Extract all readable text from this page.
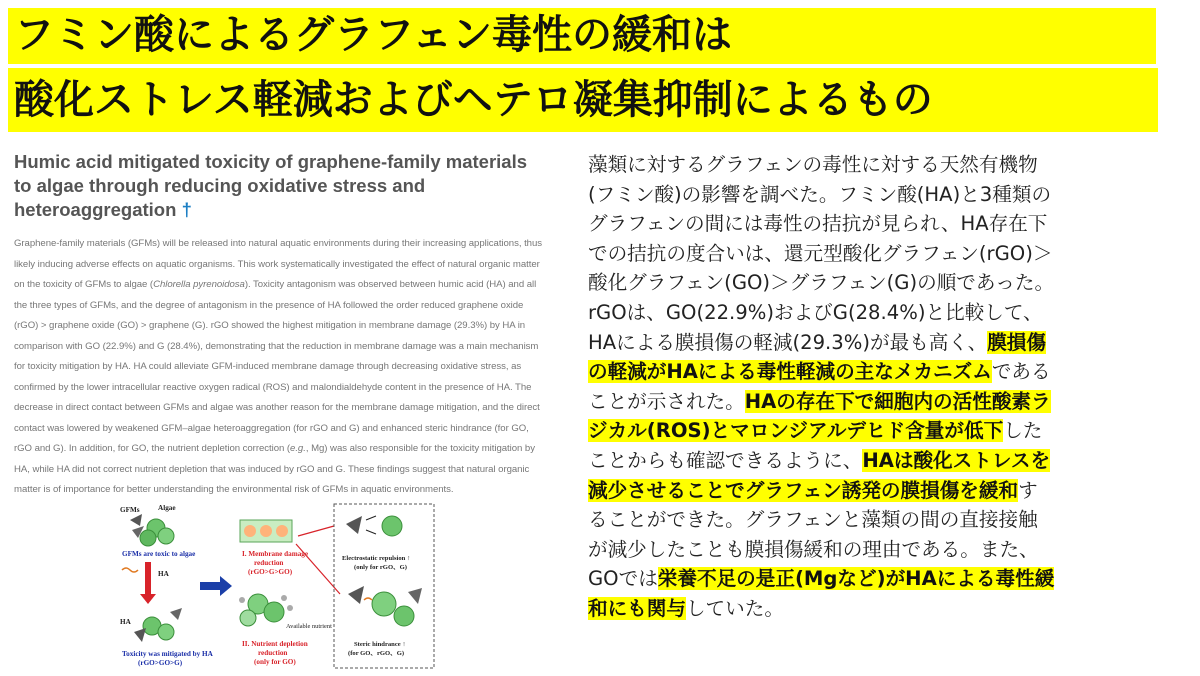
フミン酸によるグラフェン毒性の緩和は
酸化ストレス軽減およびヘテロ凝集抑制によるもの
Humic acid mitigated toxicity of graphene-family materials to algae through reducing oxidative stress and heteroaggregation †
Graphene-family materials (GFMs) will be released into natural aquatic environments during their increasing applications, thus likely inducing adverse effects on aquatic organisms. This work systematically investigated the effect of natural organic matter on the toxicity of GFMs to algae (Chlorella pyrenoidosa). Toxicity antagonism was observed between humic acid (HA) and all the three types of GFMs, and the degree of antagonism in the presence of HA followed the order reduced graphene oxide (rGO) > graphene oxide (GO) > graphene (G). rGO showed the highest mitigation in membrane damage (29.3%) by HA in comparison with GO (22.9%) and G (28.4%), demonstrating that the reduction in membrane damage was a main mechanism for toxicity mitigation by HA. HA could alleviate GFM-induced membrane damage through decreasing oxidative stress, as confirmed by the lower intracellular reactive oxygen radical (ROS) and malondialdehyde content in the presence of HA. The decrease in direct contact between GFMs and algae was another reason for the membrane damage mitigation, and the direct contact was lowered by weakened GFM–algae heteroaggregation (for rGO and G) and enhanced steric hindrance (for GO, rGO and G). In addition, for GO, the nutrient depletion correction (e.g., Mg) was also responsible for the toxicity mitigation by HA, while HA did not correct nutrient depletion that was induced by rGO and G. These findings suggest that natural organic matter is of importance for better understanding the environmental risk of GFMs in aquatic environments.
GFMs	Algae
GFMs are toxic to algae
HA
HA
Toxicity was mitigated by HA
(rGO>GO>G)
I. Membrane damage
reduction
(rGO>G>GO)
Available nutrient
II. Nutrient depletion
reduction
(only for GO)
Electrostatic repulsion ↑
(only for rGO、G)
Steric hindrance ↑
(for GO、rGO、G)

藻類に対するグラフェンの毒性に対する天然有機物

(フミン酸)の影響を調べた。フミン酸(HA)と3種類の

グラフェンの間には毒性の拮抗が見られ、HA存在下

での拮抗の度合いは、還元型酸化グラフェン(rGO)＞

酸化グラフェン(GO)＞グラフェン(G)の順であった。

rGOは、GO(22.9%)およびG(28.4%)と比較して、

HAによる膜損傷の軽減(29.3%)が最も高く、膜損傷

の軽減がHAによる毒性軽減の主なメカニズムである

ことが示された。HAの存在下で細胞内の活性酸素ラ

ジカル(ROS)とマロンジアルデヒド含量が低下した

ことからも確認できるように、HAは酸化ストレスを

減少させることでグラフェン誘発の膜損傷を緩和す

ることができた。グラフェンと藻類の間の直接接触

が減少したことも膜損傷緩和の理由である。また、

GOでは栄養不足の是正(Mgなど)がHAによる毒性緩

和にも関与していた。
